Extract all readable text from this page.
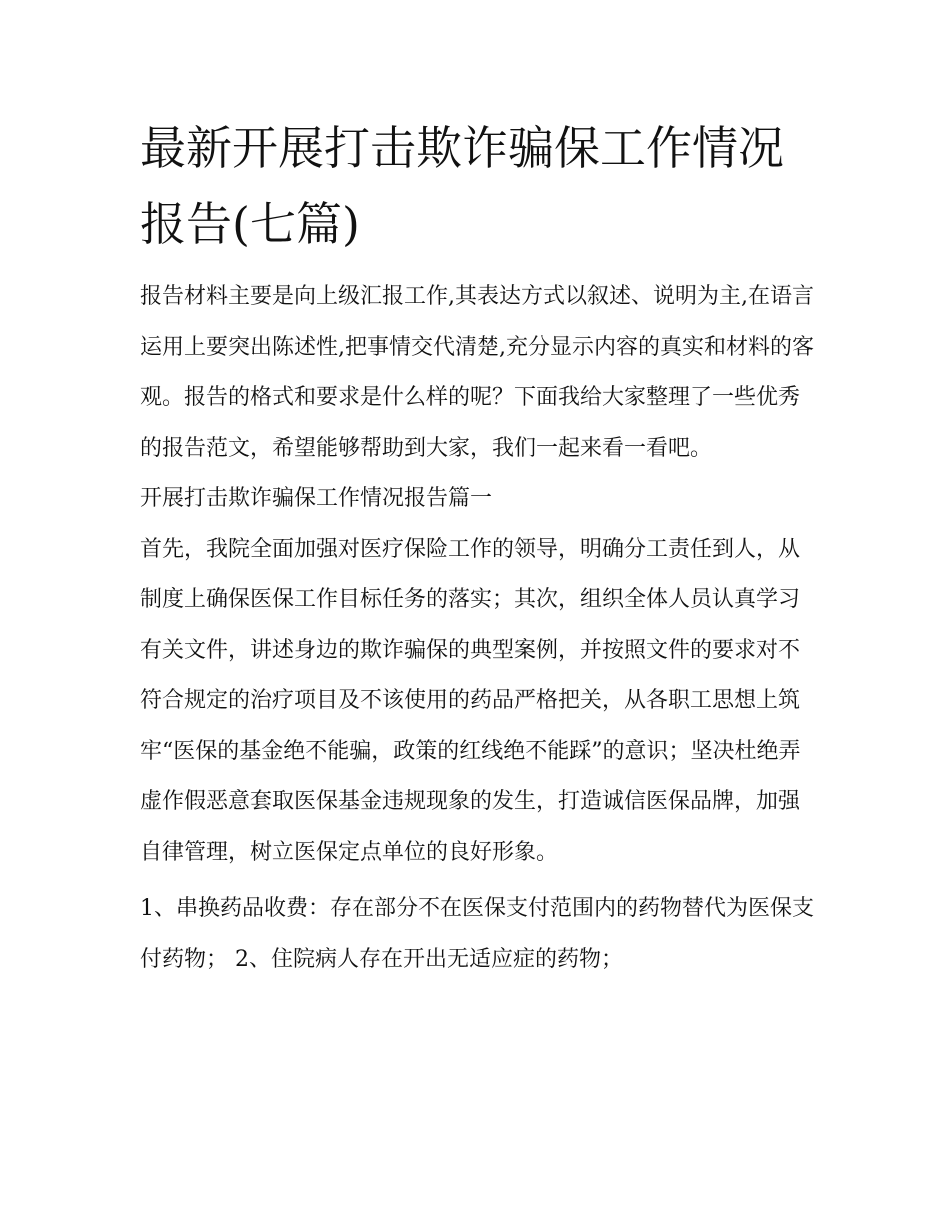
最新开展打击欺诈骗保工作情况报告(七篇)

报告材料主要是向上级汇报工作,其表达方式以叙述、说明为主,在语言运用上要突出陈述性,把事情交代清楚,充分显示内容的真实和材料的客观。报告的格式和要求是什么样的呢？下面我给大家整理了一些优秀的报告范文，希望能够帮助到大家，我们一起来看一看吧。

开展打击欺诈骗保工作情况报告篇一

首先，我院全面加强对医疗保险工作的领导，明确分工责任到人，从制度上确保医保工作目标任务的落实；其次，组织全体人员认真学习有关文件，讲述身边的欺诈骗保的典型案例，并按照文件的要求对不符合规定的治疗项目及不该使用的药品严格把关，从各职工思想上筑牢“医保的基金绝不能骗，政策的红线绝不能踩”的意识；坚决杜绝弄虚作假恶意套取医保基金违规现象的发生，打造诚信医保品牌，加强自律管理，树立医保定点单位的良好形象。

1、串换药品收费：存在部分不在医保支付范围内的药物替代为医保支付药物； 2、住院病人存在开出无适应症的药物；
